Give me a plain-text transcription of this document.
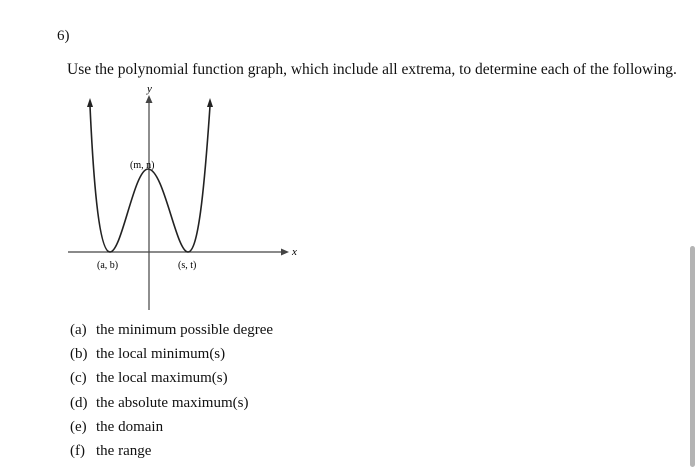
6)
Use the polynomial function graph, which include all extrema, to determine each of the following.
x
y
(m, n)
(a, b)	(s, t)
(a) the minimum possible degree
(b) the local minimum(s)
(c) the local maximum(s)
(d) the absolute maximum(s)
(e) the domain
(f) the range
